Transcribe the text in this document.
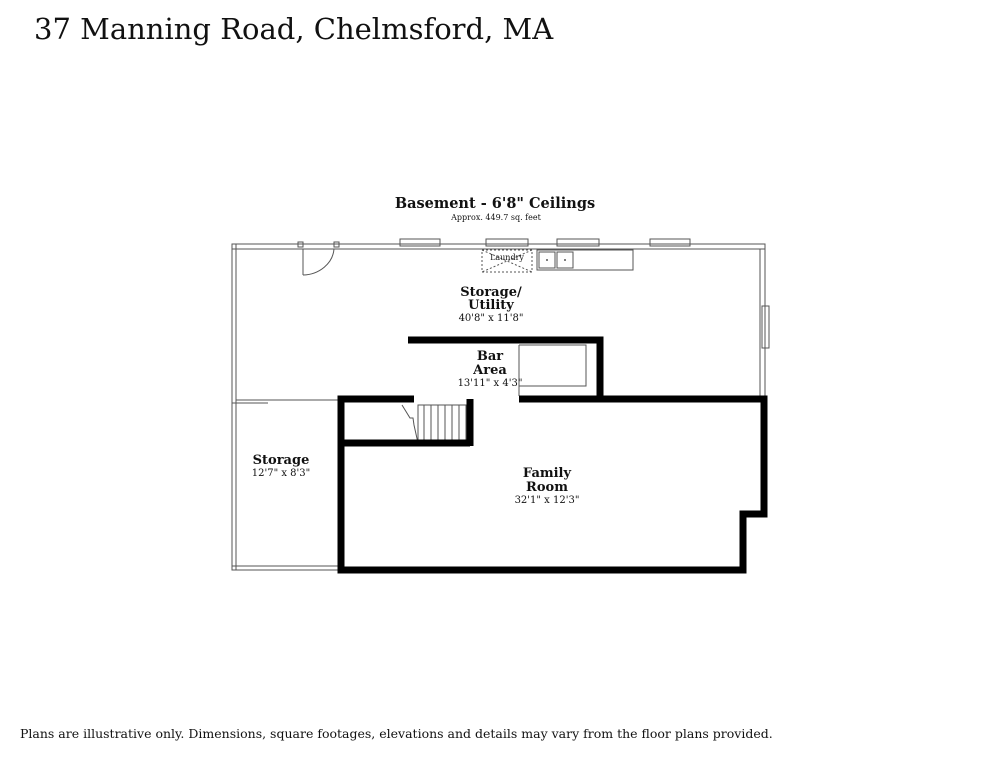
37 Manning Road, Chelmsford, MA
Basement - 6'8" Ceilings
Approx. 449.7 sq. feet
Laundry
Storage/
Utility
40'8" x 11'8"
Bar
Area
13'11" x 4'3"
Storage
12'7" x 8'3"	Family
Room
32'1" x 12'3"
Plans are illustrative only. Dimensions, square footages, elevations and details may vary from the floor plans provided.
